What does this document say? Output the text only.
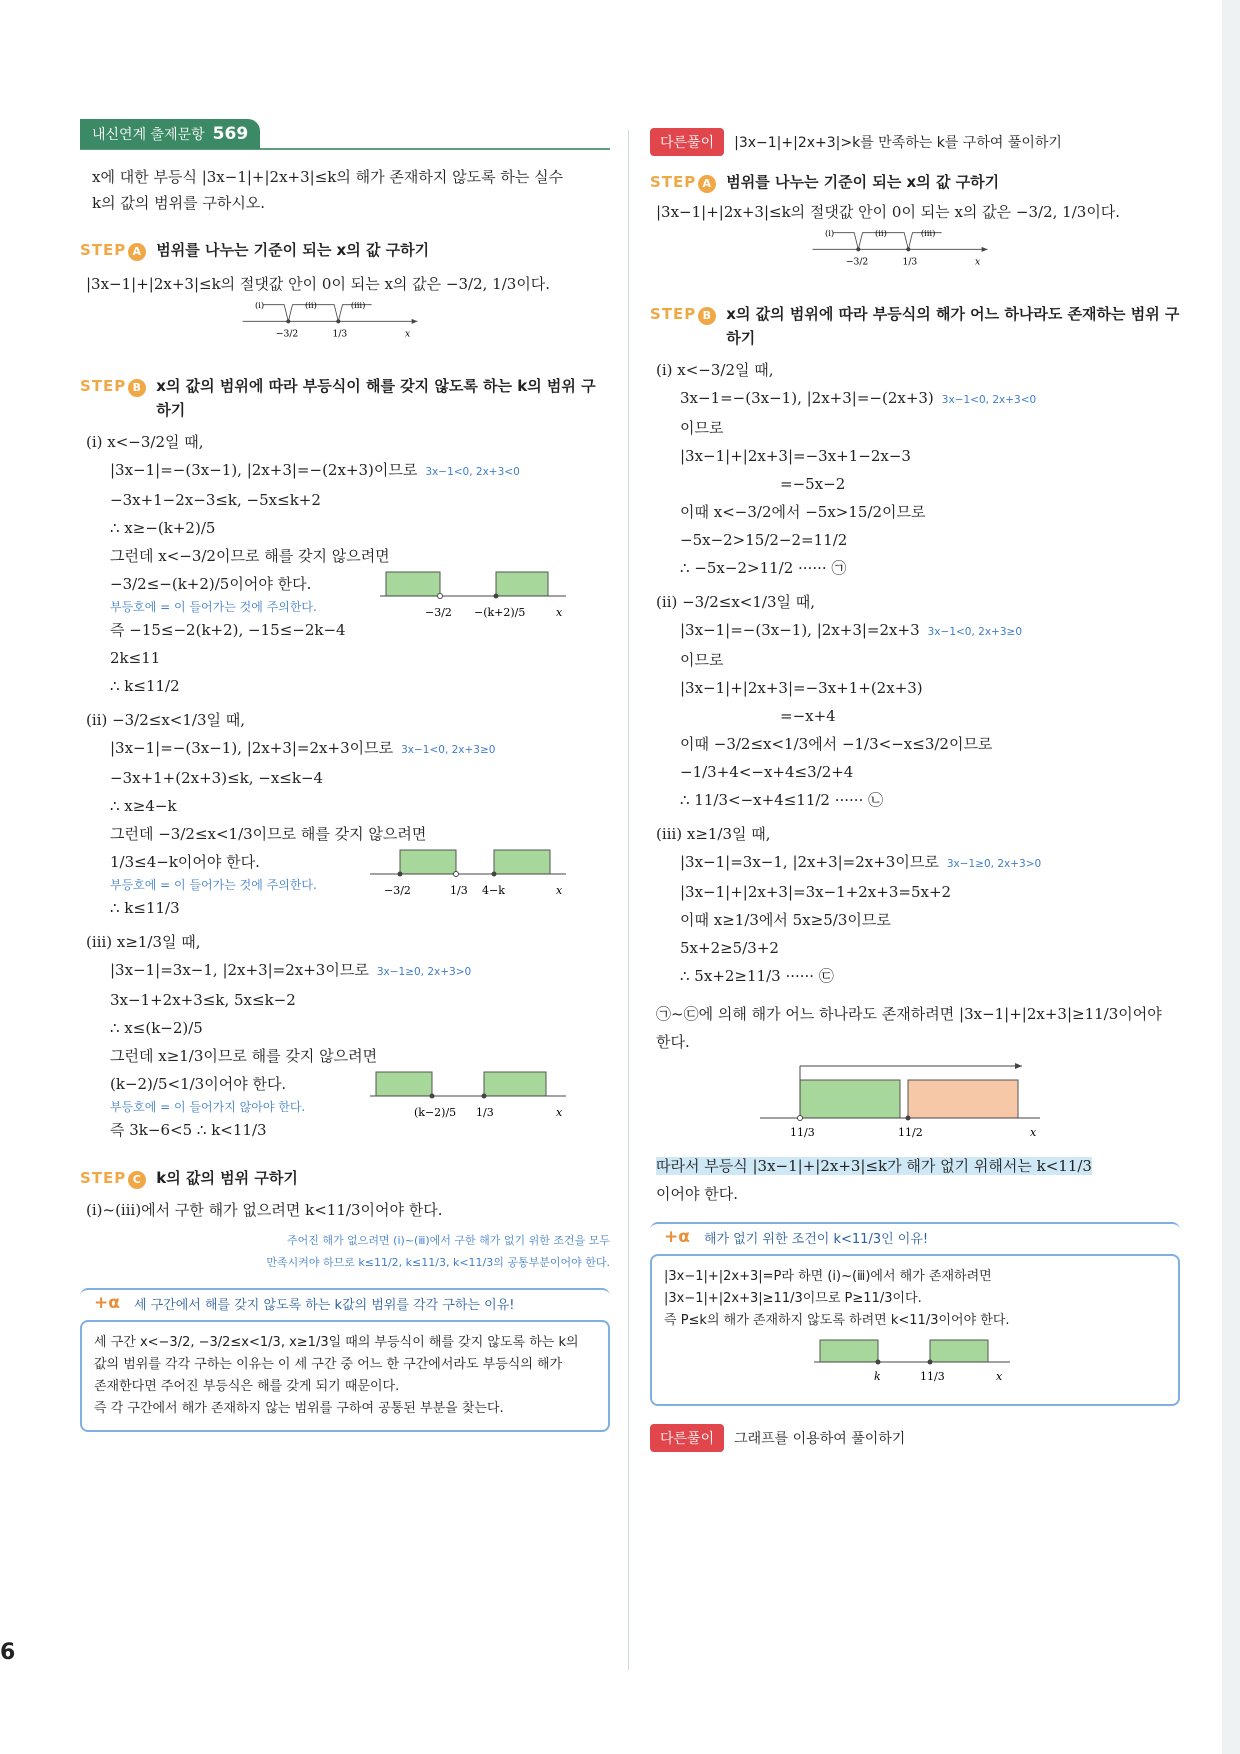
6
내신연계 출제문항 569
x에 대한 부등식 |3x−1|+|2x+3|≤k의 해가 존재하지 않도록 하는 실수
k의 값의 범위를 구하시오.
STEP A 범위를 나누는 기준이 되는 x의 값 구하기
|3x−1|+|2x+3|≤k의 절댓값 안이 0이 되는 x의 값은 −3/2, 1/3이다.
(ⅰ)	(ⅱ)	(ⅲ)
−3/2	1/3	x
STEP B x의 값의 범위에 따라 부등식이 해를 갖지 않도록 하는 k의 범위 구하기
(ⅰ) x<−3/2일 때,
|3x−1|=−(3x−1), |2x+3|=−(2x+3)이므로 3x−1<0, 2x+3<0
−3x+1−2x−3≤k, −5x≤k+2
∴ x≥−(k+2)/5
그런데 x<−3/2이므로 해를 갖지 않으려면
−3/2≤−(k+2)/5이어야 한다.
부등호에 = 이 들어가는 것에 주의한다.
즉 −15≤−2(k+2), −15≤−2k−4
2k≤11
∴ k≤11/2
−3/2 −(k+2)/5	x
(ⅱ) −3/2≤x<1/3일 때,
|3x−1|=−(3x−1), |2x+3|=2x+3이므로 3x−1<0, 2x+3≥0
−3x+1+(2x+3)≤k, −x≤k−4
∴ x≥4−k
그런데 −3/2≤x<1/3이므로 해를 갖지 않으려면
1/3≤4−k이어야 한다.
부등호에 = 이 들어가는 것에 주의한다.
∴ k≤11/3
−3/2	1/3 4−k	x
(ⅲ) x≥1/3일 때,
|3x−1|=3x−1, |2x+3|=2x+3이므로 3x−1≥0, 2x+3>0
3x−1+2x+3≤k, 5x≤k−2
∴ x≤(k−2)/5
그런데 x≥1/3이므로 해를 갖지 않으려면
(k−2)/5<1/3이어야 한다.
부등호에 = 이 들어가지 않아야 한다.
즉 3k−6<5 ∴ k<11/3
(k−2)/5 1/3	x
STEP C k의 값의 범위 구하기
(ⅰ)~(ⅲ)에서 구한 해가 없으려면 k<11/3이어야 한다.
주어진 해가 없으려면 (ⅰ)~(ⅲ)에서 구한 해가 없기 위한 조건을 모두
만족시켜야 하므로 k≤11/2, k≤11/3, k<11/3의 공통부분이어야 한다.
+α 세 구간에서 해를 갖지 않도록 하는 k값의 범위를 각각 구하는 이유!
세 구간 x<−3/2, −3/2≤x<1/3, x≥1/3일 때의 부등식이 해를 갖지 않도록 하는 k의
값의 범위를 각각 구하는 이유는 이 세 구간 중 어느 한 구간에서라도 부등식의 해가
존재한다면 주어진 부등식은 해를 갖게 되기 때문이다.
즉 각 구간에서 해가 존재하지 않는 범위를 구하여 공통된 부분을 찾는다.
다른풀이	|3x−1|+|2x+3|>k를 만족하는 k를 구하여 풀이하기
STEP A 범위를 나누는 기준이 되는 x의 값 구하기
|3x−1|+|2x+3|≤k의 절댓값 안이 0이 되는 x의 값은 −3/2, 1/3이다.
(ⅰ)	(ⅱ)	(ⅲ)
−3/2	1/3	x
STEP B x의 값의 범위에 따라 부등식의 해가 어느 하나라도 존재하는 범위 구하기
(ⅰ) x<−3/2일 때,
3x−1=−(3x−1), |2x+3|=−(2x+3) 3x−1<0, 2x+3<0
이므로
|3x−1|+|2x+3|=−3x+1−2x−3
=−5x−2
이때 x<−3/2에서 −5x>15/2이므로
−5x−2>15/2−2=11/2
∴ −5x−2>11/2 ······ ㉠
(ⅱ) −3/2≤x<1/3일 때,
|3x−1|=−(3x−1), |2x+3|=2x+3 3x−1<0, 2x+3≥0
이므로
|3x−1|+|2x+3|=−3x+1+(2x+3)
=−x+4
이때 −3/2≤x<1/3에서 −1/3<−x≤3/2이므로
−1/3+4<−x+4≤3/2+4
∴ 11/3<−x+4≤11/2 ······ ㉡
(ⅲ) x≥1/3일 때,
|3x−1|=3x−1, |2x+3|=2x+3이므로 3x−1≥0, 2x+3>0
|3x−1|+|2x+3|=3x−1+2x+3=5x+2
이때 x≥1/3에서 5x≥5/3이므로
5x+2≥5/3+2
∴ 5x+2≥11/3 ······ ㉢
㉠~㉢에 의해 해가 어느 하나라도 존재하려면 |3x−1|+|2x+3|≥11/3이어야
한다.
11/3	11/2	x
따라서 부등식 |3x−1|+|2x+3|≤k가 해가 없기 위해서는 k<11/3
이어야 한다.
+α 해가 없기 위한 조건이 k<11/3인 이유!
|3x−1|+|2x+3|=P라 하면 (ⅰ)~(ⅲ)에서 해가 존재하려면
|3x−1|+|2x+3|≥11/3이므로 P≥11/3이다.
즉 P≤k의 해가 존재하지 않도록 하려면 k<11/3이어야 한다.
k	11/3	x
다른풀이	그래프를 이용하여 풀이하기
